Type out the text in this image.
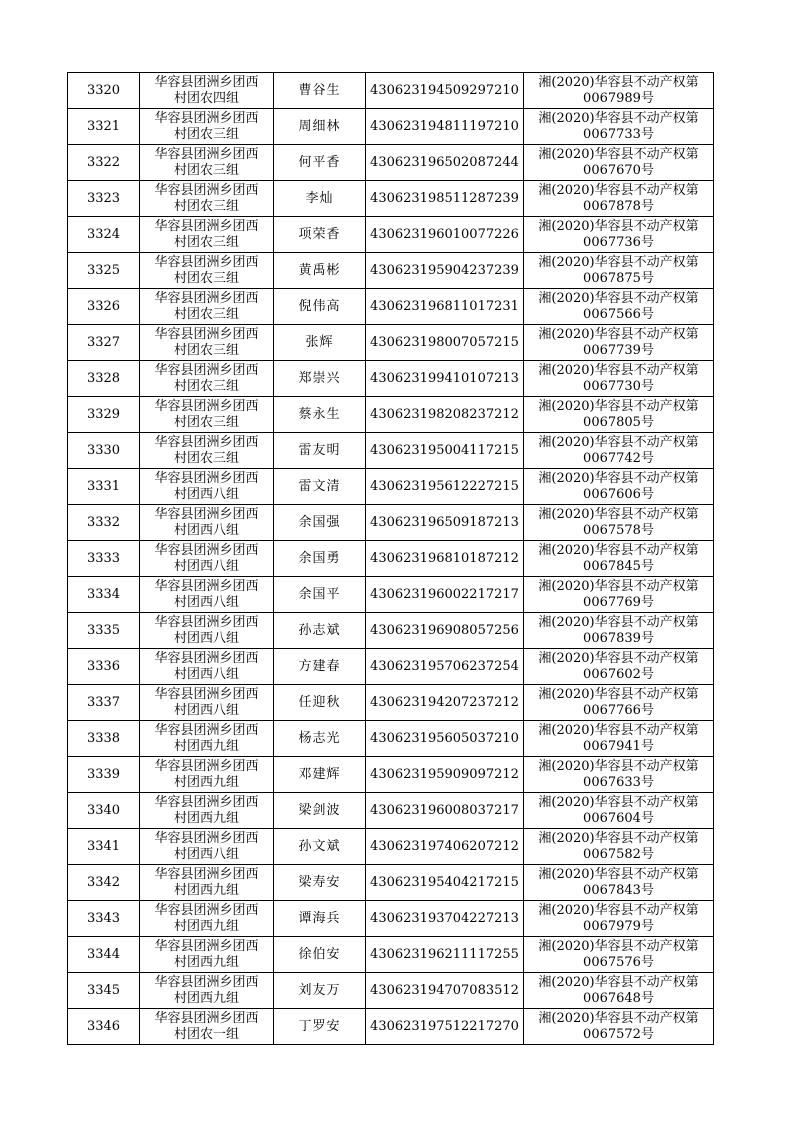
3320	华容县团洲乡团西
村团农四组	曹谷生	430623194509297210	湘(2020)华容县不动产权第
0067989号

3321	华容县团洲乡团西
村团农三组	周细林	430623194811197210	湘(2020)华容县不动产权第
0067733号

3322	华容县团洲乡团西
村团农三组	何平香	430623196502087244	湘(2020)华容县不动产权第
0067670号

3323	华容县团洲乡团西
村团农三组	李灿	430623198511287239	湘(2020)华容县不动产权第
0067878号

3324	华容县团洲乡团西
村团农三组	项荣香	430623196010077226	湘(2020)华容县不动产权第
0067736号

3325	华容县团洲乡团西
村团农三组	黄禹彬	430623195904237239	湘(2020)华容县不动产权第
0067875号

3326	华容县团洲乡团西
村团农三组	倪伟高	430623196811017231	湘(2020)华容县不动产权第
0067566号

3327	华容县团洲乡团西
村团农三组	张辉	430623198007057215	湘(2020)华容县不动产权第
0067739号

3328	华容县团洲乡团西
村团农三组	郑崇兴	430623199410107213	湘(2020)华容县不动产权第
0067730号

3329	华容县团洲乡团西
村团农三组	蔡永生	430623198208237212	湘(2020)华容县不动产权第
0067805号

3330	华容县团洲乡团西
村团农三组	雷友明	430623195004117215	湘(2020)华容县不动产权第
0067742号

3331	华容县团洲乡团西
村团西八组	雷文清	430623195612227215	湘(2020)华容县不动产权第
0067606号

3332	华容县团洲乡团西
村团西八组	余国强	430623196509187213	湘(2020)华容县不动产权第
0067578号

3333	华容县团洲乡团西
村团西八组	余国勇	430623196810187212	湘(2020)华容县不动产权第
0067845号

3334	华容县团洲乡团西
村团西八组	余国平	430623196002217217	湘(2020)华容县不动产权第
0067769号

3335	华容县团洲乡团西
村团西八组	孙志斌	430623196908057256	湘(2020)华容县不动产权第
0067839号

3336	华容县团洲乡团西
村团西八组	方建春	430623195706237254	湘(2020)华容县不动产权第
0067602号

3337	华容县团洲乡团西
村团西八组	任迎秋	430623194207237212	湘(2020)华容县不动产权第
0067766号

3338	华容县团洲乡团西
村团西九组	杨志光	430623195605037210	湘(2020)华容县不动产权第
0067941号

3339	华容县团洲乡团西
村团西九组	邓建辉	430623195909097212	湘(2020)华容县不动产权第
0067633号

3340	华容县团洲乡团西
村团西九组	梁剑波	430623196008037217	湘(2020)华容县不动产权第
0067604号

3341	华容县团洲乡团西
村团西八组	孙文斌	430623197406207212	湘(2020)华容县不动产权第
0067582号

3342	华容县团洲乡团西
村团西九组	梁寿安	430623195404217215	湘(2020)华容县不动产权第
0067843号

3343	华容县团洲乡团西
村团西九组	谭海兵	430623193704227213	湘(2020)华容县不动产权第
0067979号

3344	华容县团洲乡团西
村团西九组	徐伯安	430623196211117255	湘(2020)华容县不动产权第
0067576号

3345	华容县团洲乡团西
村团西九组	刘友万	430623194707083512	湘(2020)华容县不动产权第
0067648号

3346	华容县团洲乡团西
村团农一组	丁罗安	430623197512217270	湘(2020)华容县不动产权第
0067572号
